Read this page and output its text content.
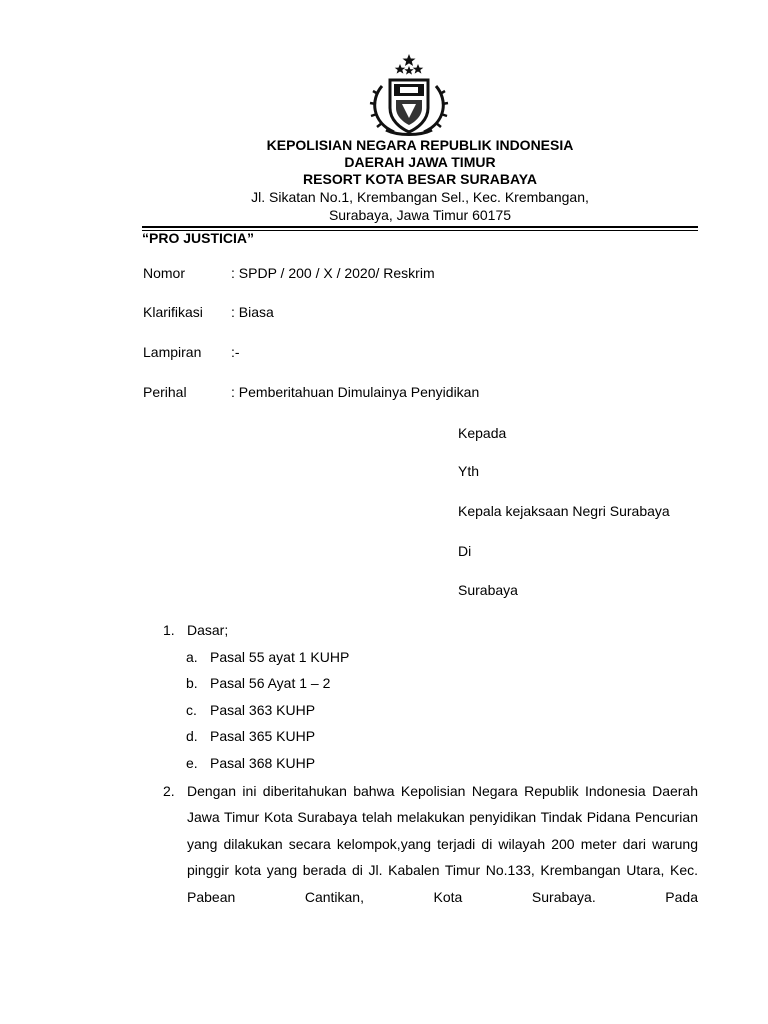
KEPOLISIAN NEGARA REPUBLIK INDONESIA
DAERAH JAWA TIMUR
RESORT KOTA BESAR SURABAYA
Jl. Sikatan No.1, Krembangan Sel., Kec. Krembangan,
Surabaya, Jawa Timur 60175
“PRO JUSTICIA”
Nomor	: SPDP / 200 / X / 2020/ Reskrim
Klarifikasi : Biasa
Lampiran :-
Perihal	: Pemberitahuan Dimulainya Penyidikan
Kepada
Yth
Kepala kejaksaan Negri Surabaya
Di
Surabaya
1. Dasar;
a. Pasal 55 ayat 1 KUHP
b. Pasal 56 Ayat 1 – 2
c. Pasal 363 KUHP
d. Pasal 365 KUHP
e. Pasal 368 KUHP
2. Dengan ini diberitahukan bahwa Kepolisian Negara Republik Indonesia Daerah Jawa Timur Kota Surabaya telah melakukan penyidikan Tindak Pidana Pencurian yang dilakukan secara kelompok,yang terjadi di wilayah 200 meter dari warung pinggir kota yang berada di Jl. Kabalen Timur No.133, Krembangan Utara, Kec. Pabean Cantikan, Kota Surabaya. Pada
